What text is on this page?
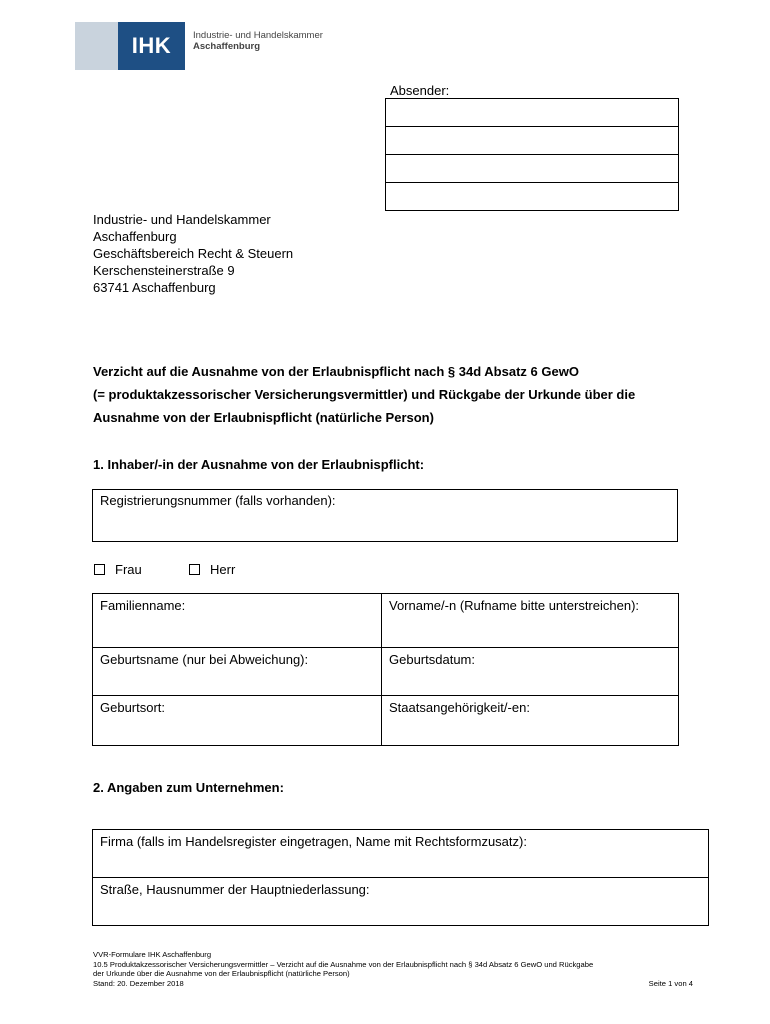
IHK	Industrie- und Handelskammer
Aschaffenburg
Absender:

Industrie- und Handelskammer
Aschaffenburg
Geschäftsbereich Recht & Steuern
Kerschensteinerstraße 9
63741 Aschaffenburg
Verzicht auf die Ausnahme von der Erlaubnispflicht nach § 34d Absatz 6 GewO
(= produktakzessorischer Versicherungsvermittler) und Rückgabe der Urkunde über die
Ausnahme von der Erlaubnispflicht (natürliche Person)
1. Inhaber/-in der Ausnahme von der Erlaubnispflicht:
Registrierungsnummer (falls vorhanden):
Frau	Herr
Familienname:	Vorname/-n (Rufname bitte unterstreichen):
Geburtsname (nur bei Abweichung):	Geburtsdatum:
Geburtsort:	Staatsangehörigkeit/-en:
2. Angaben zum Unternehmen:
Firma (falls im Handelsregister eingetragen, Name mit Rechtsformzusatz):
Straße, Hausnummer der Hauptniederlassung:
VVR-Formulare IHK Aschaffenburg
10.5 Produktakzessorischer Versicherungsvermittler – Verzicht auf die Ausnahme von der Erlaubnispflicht nach § 34d Absatz 6 GewO und Rückgabe
der Urkunde über die Ausnahme von der Erlaubnispflicht (natürliche Person)
Stand: 20. Dezember 2018	Seite 1 von 4
